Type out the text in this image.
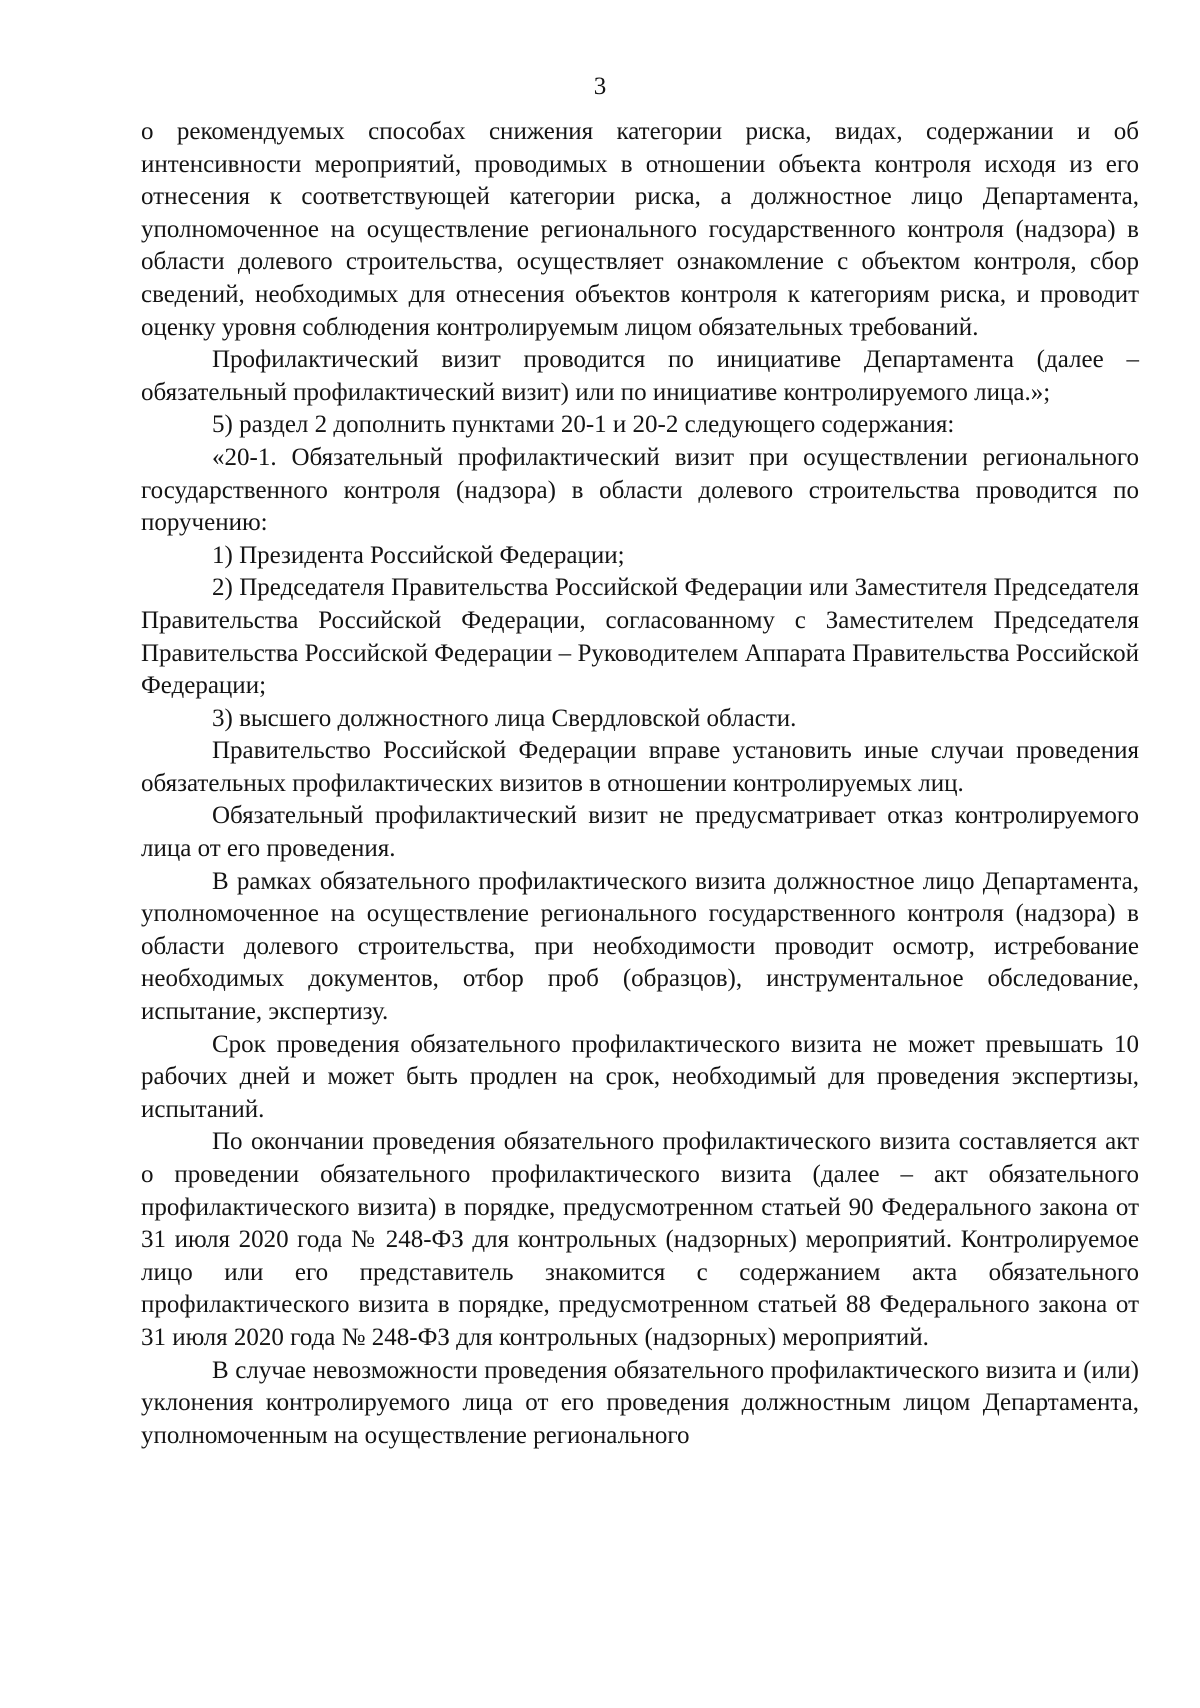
3

о рекомендуемых способах снижения категории риска, видах, содержании и об интенсивности мероприятий, проводимых в отношении объекта контроля исходя из его отнесения к соответствующей категории риска, а должностное лицо Департамента, уполномоченное на осуществление регионального государственного контроля (надзора) в области долевого строительства, осуществляет ознакомление с объектом контроля, сбор сведений, необходимых для отнесения объектов контроля к категориям риска, и проводит оценку уровня соблюдения контролируемым лицом обязательных требований.

Профилактический визит проводится по инициативе Департамента (далее – обязательный профилактический визит) или по инициативе контролируемого лица.»;

5) раздел 2 дополнить пунктами 20-1 и 20-2 следующего содержания:

«20-1. Обязательный профилактический визит при осуществлении регионального государственного контроля (надзора) в области долевого строительства проводится по поручению:

1) Президента Российской Федерации;

2) Председателя Правительства Российской Федерации или Заместителя Председателя Правительства Российской Федерации, согласованному с Заместителем Председателя Правительства Российской Федерации – Руководителем Аппарата Правительства Российской Федерации;

3) высшего должностного лица Свердловской области.

Правительство Российской Федерации вправе установить иные случаи проведения обязательных профилактических визитов в отношении контролируемых лиц.

Обязательный профилактический визит не предусматривает отказ контролируемого лица от его проведения.

В рамках обязательного профилактического визита должностное лицо Департамента, уполномоченное на осуществление регионального государственного контроля (надзора) в области долевого строительства, при необходимости проводит осмотр, истребование необходимых документов, отбор проб (образцов), инструментальное обследование, испытание, экспертизу.

Срок проведения обязательного профилактического визита не может превышать 10 рабочих дней и может быть продлен на срок, необходимый для проведения экспертизы, испытаний.

По окончании проведения обязательного профилактического визита составляется акт о проведении обязательного профилактического визита (далее – акт обязательного профилактического визита) в порядке, предусмотренном статьей 90 Федерального закона от 31 июля 2020 года № 248-ФЗ для контрольных (надзорных) мероприятий. Контролируемое лицо или его представитель знакомится с содержанием акта обязательного профилактического визита в порядке, предусмотренном статьей 88 Федерального закона от 31 июля 2020 года № 248-ФЗ для контрольных (надзорных) мероприятий.

В случае невозможности проведения обязательного профилактического визита и (или) уклонения контролируемого лица от его проведения должностным лицом Департамента, уполномоченным на осуществление регионального
